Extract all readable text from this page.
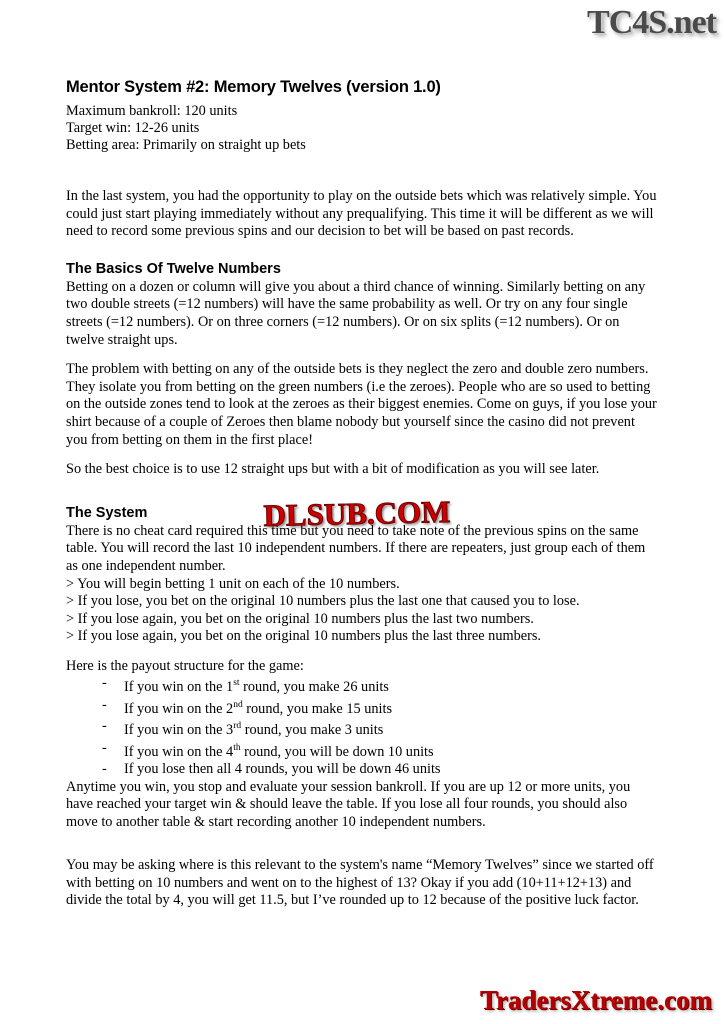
TC4S.net
Mentor System #2: Memory Twelves (version 1.0)
Maximum bankroll: 120 units
Target win: 12-26 units
Betting area: Primarily on straight up bets

In the last system, you had the opportunity to play on the outside bets which was relatively simple. You could just start playing immediately without any prequalifying. This time it will be different as we will need to record some previous spins and our decision to bet will be based on past records.

The Basics Of Twelve Numbers

Betting on a dozen or column will give you about a third chance of winning. Similarly betting on any two double streets (=12 numbers) will have the same probability as well. Or try on any four single streets (=12 numbers). Or on three corners (=12 numbers). Or on six splits (=12 numbers). Or on twelve straight ups.

The problem with betting on any of the outside bets is they neglect the zero and double zero numbers. They isolate you from betting on the green numbers (i.e the zeroes). People who are so used to betting on the outside zones tend to look at the zeroes as their biggest enemies. Come on guys, if you lose your shirt because of a couple of Zeroes then blame nobody but yourself since the casino did not prevent you from betting on them in the first place!

So the best choice is to use 12 straight ups but with a bit of modification as you will see later.

The System

There is no cheat card required this time but you need to take note of the previous spins on the same table. You will record the last 10 independent numbers. If there are repeaters, just group each of them as one independent number.

> You will begin betting 1 unit on each of the 10 numbers.
> If you lose, you bet on the original 10 numbers plus the last one that caused you to lose.
> If you lose again, you bet on the original 10 numbers plus the last two numbers.
> If you lose again, you bet on the original 10 numbers plus the last three numbers.

Here is the payout structure for the game:

- If you win on the 1st round, you make 26 units
- If you win on the 2nd round, you make 15 units
- If you win on the 3rd round, you make 3 units
- If you win on the 4th round, you will be down 10 units
- If you lose then all 4 rounds, you will be down 46 units

Anytime you win, you stop and evaluate your session bankroll. If you are up 12 or more units, you have reached your target win & should leave the table. If you lose all four rounds, you should also move to another table & start recording another 10 independent numbers.

You may be asking where is this relevant to the system's name “Memory Twelves” since we started off with betting on 10 numbers and went on to the highest of 13? Okay if you add (10+11+12+13) and divide the total by 4, you will get 11.5, but I’ve rounded up to 12 because of the positive luck factor.

DLSUB.COM
TradersXtreme.com
